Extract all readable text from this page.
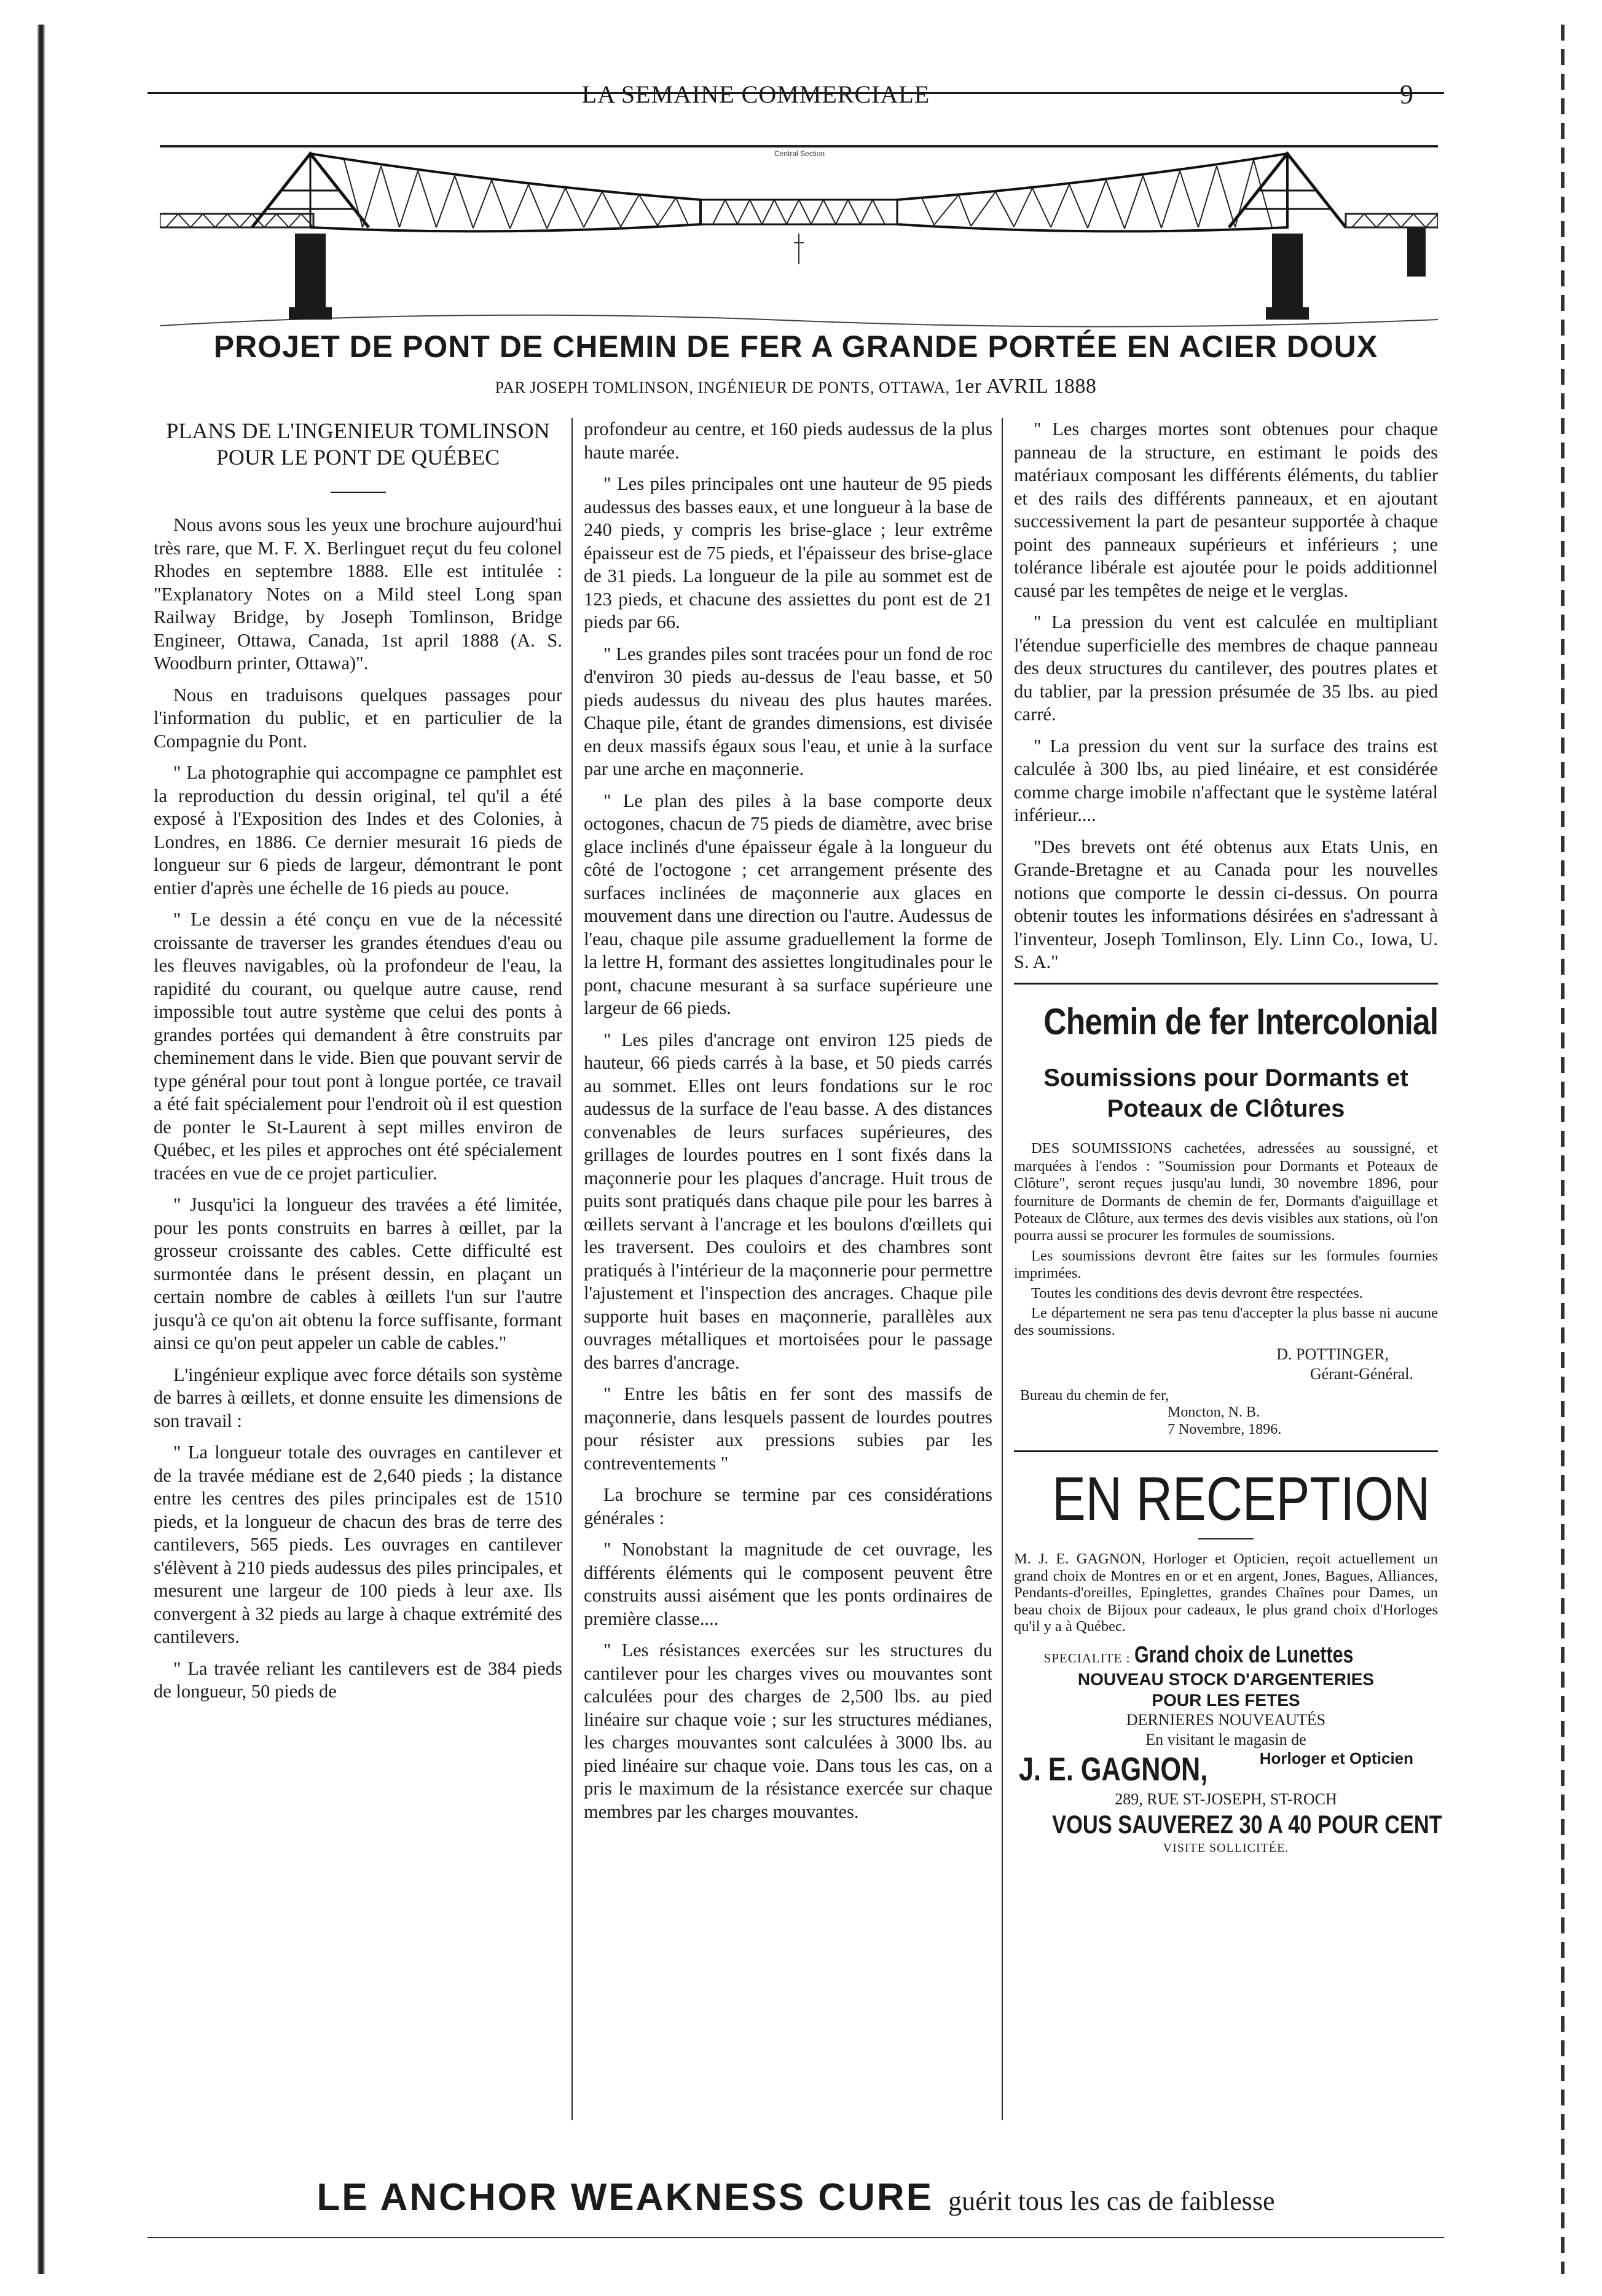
LA SEMAINE COMMERCIALE	9
Central Section
PROJET DE PONT DE CHEMIN DE FER A GRANDE PORTÉE EN ACIER DOUX
PAR JOSEPH TOMLINSON, INGÉNIEUR DE PONTS, OTTAWA, 1er AVRIL 1888
PLANS DE L'INGENIEUR TOMLINSON POUR LE PONT DE QUÉBEC

Nous avons sous les yeux une brochure aujourd'hui très rare, que M. F. X. Berlinguet reçut du feu colonel Rhodes en septembre 1888. Elle est intitulée : "Explanatory Notes on a Mild steel Long span Railway Bridge, by Joseph Tomlinson, Bridge Engineer, Ottawa, Canada, 1st april 1888 (A. S. Woodburn printer, Ottawa)".

Nous en traduisons quelques passages pour l'information du public, et en particulier de la Compagnie du Pont.

" La photographie qui accompagne ce pamphlet est la reproduction du dessin original, tel qu'il a été exposé à l'Exposition des Indes et des Colonies, à Londres, en 1886. Ce dernier mesurait 16 pieds de longueur sur 6 pieds de largeur, démontrant le pont entier d'après une échelle de 16 pieds au pouce.

" Le dessin a été conçu en vue de la nécessité croissante de traverser les grandes étendues d'eau ou les fleuves navigables, où la profondeur de l'eau, la rapidité du courant, ou quelque autre cause, rend impossible tout autre système que celui des ponts à grandes portées qui demandent à être construits par cheminement dans le vide. Bien que pouvant servir de type général pour tout pont à longue portée, ce travail a été fait spécialement pour l'endroit où il est question de ponter le St-Laurent à sept milles environ de Québec, et les piles et approches ont été spécialement tracées en vue de ce projet particulier.

" Jusqu'ici la longueur des travées a été limitée, pour les ponts construits en barres à œillet, par la grosseur croissante des cables. Cette difficulté est surmontée dans le présent dessin, en plaçant un certain nombre de cables à œillets l'un sur l'autre jusqu'à ce qu'on ait obtenu la force suffisante, formant ainsi ce qu'on peut appeler un cable de cables."

L'ingénieur explique avec force détails son système de barres à œillets, et donne ensuite les dimensions de son travail :

" La longueur totale des ouvrages en cantilever et de la travée médiane est de 2,640 pieds ; la distance entre les centres des piles principales est de 1510 pieds, et la longueur de chacun des bras de terre des cantilevers, 565 pieds. Les ouvrages en cantilever s'élèvent à 210 pieds audessus des piles principales, et mesurent une largeur de 100 pieds à leur axe. Ils convergent à 32 pieds au large à chaque extrémité des cantilevers.

" La travée reliant les cantilevers est de 384 pieds de longueur, 50 pieds de

profondeur au centre, et 160 pieds audessus de la plus haute marée.

" Les piles principales ont une hauteur de 95 pieds audessus des basses eaux, et une longueur à la base de 240 pieds, y compris les brise-glace ; leur extrême épaisseur est de 75 pieds, et l'épaisseur des brise-glace de 31 pieds. La longueur de la pile au sommet est de 123 pieds, et chacune des assiettes du pont est de 21 pieds par 66.

" Les grandes piles sont tracées pour un fond de roc d'environ 30 pieds au-dessus de l'eau basse, et 50 pieds audessus du niveau des plus hautes marées. Chaque pile, étant de grandes dimensions, est divisée en deux massifs égaux sous l'eau, et unie à la surface par une arche en maçonnerie.

" Le plan des piles à la base comporte deux octogones, chacun de 75 pieds de diamètre, avec brise glace inclinés d'une épaisseur égale à la longueur du côté de l'octogone ; cet arrangement présente des surfaces inclinées de maçonnerie aux glaces en mouvement dans une direction ou l'autre. Audessus de l'eau, chaque pile assume graduellement la forme de la lettre H, formant des assiettes longitudinales pour le pont, chacune mesurant à sa surface supérieure une largeur de 66 pieds.

" Les piles d'ancrage ont environ 125 pieds de hauteur, 66 pieds carrés à la base, et 50 pieds carrés au sommet. Elles ont leurs fondations sur le roc audessus de la surface de l'eau basse. A des distances convenables de leurs surfaces supérieures, des grillages de lourdes poutres en I sont fixés dans la maçonnerie pour les plaques d'ancrage. Huit trous de puits sont pratiqués dans chaque pile pour les barres à œillets servant à l'ancrage et les boulons d'œillets qui les traversent. Des couloirs et des chambres sont pratiqués à l'intérieur de la maçonnerie pour permettre l'ajustement et l'inspection des ancrages. Chaque pile supporte huit bases en maçonnerie, parallèles aux ouvrages métalliques et mortoisées pour le passage des barres d'ancrage.

" Entre les bâtis en fer sont des massifs de maçonnerie, dans lesquels passent de lourdes poutres pour résister aux pressions subies par les contreventements "

La brochure se termine par ces considérations générales :

" Nonobstant la magnitude de cet ouvrage, les différents éléments qui le composent peuvent être construits aussi aisément que les ponts ordinaires de première classe....

" Les résistances exercées sur les structures du cantilever pour les charges vives ou mouvantes sont calculées pour des charges de 2,500 lbs. au pied linéaire sur chaque voie ; sur les structures médianes, les charges mouvantes sont calculées à 3000 lbs. au pied linéaire sur chaque voie. Dans tous les cas, on a pris le maximum de la résistance exercée sur chaque membres par les charges mouvantes.

" Les charges mortes sont obtenues pour chaque panneau de la structure, en estimant le poids des matériaux composant les différents éléments, du tablier et des rails des différents panneaux, et en ajoutant successivement la part de pesanteur supportée à chaque point des panneaux supérieurs et inférieurs ; une tolérance libérale est ajoutée pour le poids additionnel causé par les tempêtes de neige et le verglas.

" La pression du vent est calculée en multipliant l'étendue superficielle des membres de chaque panneau des deux structures du cantilever, des poutres plates et du tablier, par la pression présumée de 35 lbs. au pied carré.

" La pression du vent sur la surface des trains est calculée à 300 lbs, au pied linéaire, et est considérée comme charge imobile n'affectant que le système latéral inférieur....

"Des brevets ont été obtenus aux Etats Unis, en Grande-Bretagne et au Canada pour les nouvelles notions que comporte le dessin ci-dessus. On pourra obtenir toutes les informations désirées en s'adressant à l'inventeur, Joseph Tomlinson, Ely. Linn Co., Iowa, U. S. A."

Chemin de fer Intercolonial
Soumissions pour Dormants et Poteaux de Clôtures

DES SOUMISSIONS cachetées, adressées au soussigné, et marquées à l'endos : "Soumission pour Dormants et Poteaux de Clôture", seront reçues jusqu'au lundi, 30 novembre 1896, pour fourniture de Dormants de chemin de fer, Dormants d'aiguillage et Poteaux de Clôture, aux termes des devis visibles aux stations, où l'on pourra aussi se procurer les formules de soumissions.

Les soumissions devront être faites sur les formules fournies imprimées.

Toutes les conditions des devis devront être respectées.

Le département ne sera pas tenu d'accepter la plus basse ni aucune des soumissions.

D. POTTINGER,
Gérant-Général.
Bureau du chemin de fer,
Moncton, N. B.
7 Novembre, 1896.
EN RECEPTION
M. J. E. GAGNON, Horloger et Opticien, reçoit actuellement un grand choix de Montres en or et en argent, Jones, Bagues, Alliances, Pendants-d'oreilles, Epinglettes, grandes Chaînes pour Dames, un beau choix de Bijoux pour cadeaux, le plus grand choix d'Horloges qu'il y a à Québec.
SPECIALITE : Grand choix de Lunettes
NOUVEAU STOCK D'ARGENTERIES
POUR LES FETES
DERNIERES NOUVEAUTÉS
En visitant le magasin de
J. E. GAGNON,	Horloger et Opticien
289, RUE ST-JOSEPH, ST-ROCH
VOUS SAUVEREZ 30 A 40 POUR CENT
VISITE SOLLICITÉE.
LE ANCHOR WEAKNESS CURE guérit tous les cas de faiblesse
